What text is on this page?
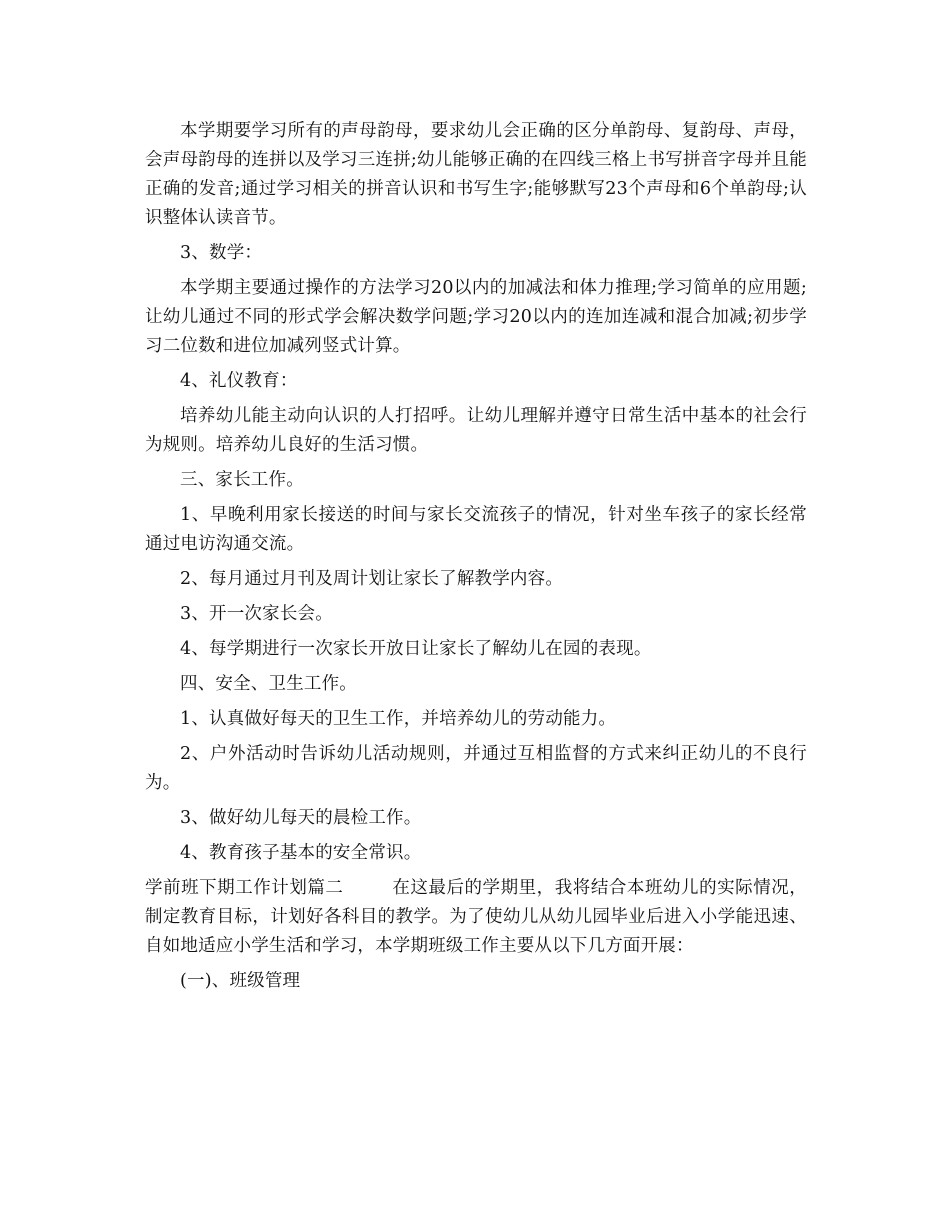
本学期要学习所有的声母韵母，要求幼儿会正确的区分单韵母、复韵母、声母，会声母韵母的连拼以及学习三连拼;幼儿能够正确的在四线三格上书写拼音字母并且能正确的发音;通过学习相关的拼音认识和书写生字;能够默写23个声母和6个单韵母;认识整体认读音节。

3、数学：

本学期主要通过操作的方法学习20以内的加减法和体力推理;学习简单的应用题;让幼儿通过不同的形式学会解决数学问题;学习20以内的连加连减和混合加减;初步学习二位数和进位加减列竖式计算。

4、礼仪教育：

培养幼儿能主动向认识的人打招呼。让幼儿理解并遵守日常生活中基本的社会行为规则。培养幼儿良好的生活习惯。

三、家长工作。

1、早晚利用家长接送的时间与家长交流孩子的情况，针对坐车孩子的家长经常通过电访沟通交流。

2、每月通过月刊及周计划让家长了解教学内容。

3、开一次家长会。

4、每学期进行一次家长开放日让家长了解幼儿在园的表现。

四、安全、卫生工作。

1、认真做好每天的卫生工作，并培养幼儿的劳动能力。

2、户外活动时告诉幼儿活动规则，并通过互相监督的方式来纠正幼儿的不良行为。

3、做好幼儿每天的晨检工作。

4、教育孩子基本的安全常识。

学前班下期工作计划篇二        在这最后的学期里，我将结合本班幼儿的实际情况，制定教育目标，计划好各科目的教学。为了使幼儿从幼儿园毕业后进入小学能迅速、自如地适应小学生活和学习，本学期班级工作主要从以下几方面开展：

(一)、班级管理
